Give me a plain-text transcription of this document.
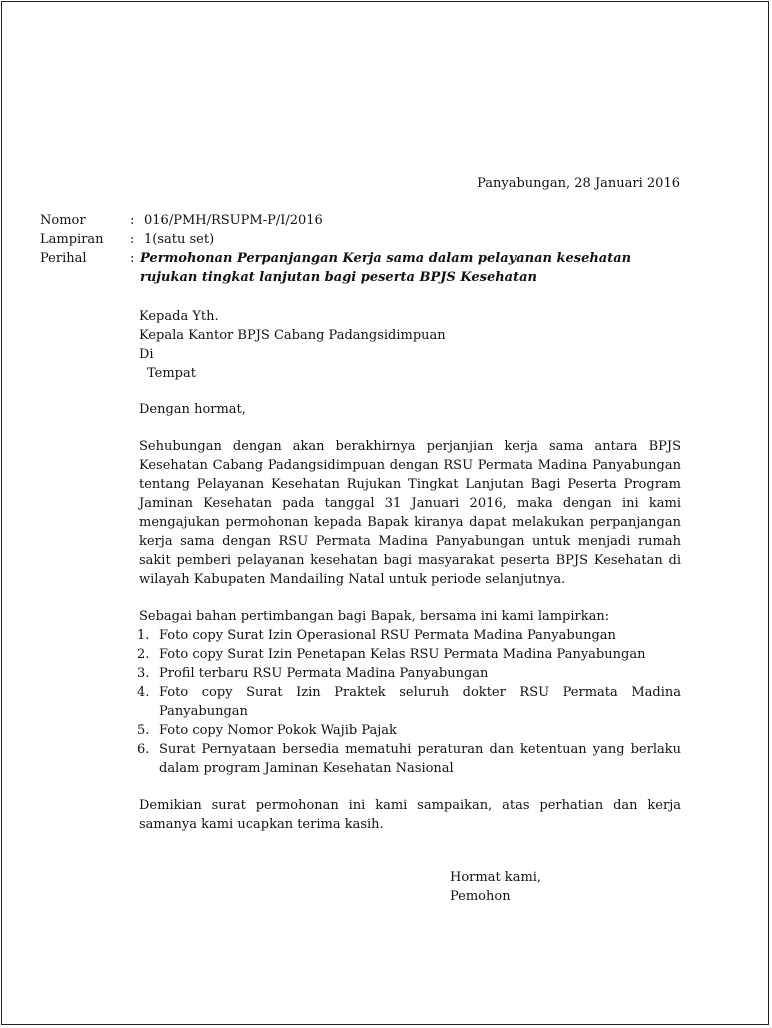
Panyabungan, 28 Januari 2016
Nomor	: 016/PMH/RSUPM-P/I/2016
Lampiran	: 1(satu set)
Perihal	: Permohonan Perpanjangan Kerja sama dalam pelayanan kesehatan
rujukan tingkat lanjutan bagi peserta BPJS Kesehatan
Kepada Yth.
Kepala Kantor BPJS Cabang Padangsidimpuan
Di
Tempat
Dengan hormat,
Sehubungan dengan akan berakhirnya perjanjian kerja sama antara BPJS Kesehatan Cabang Padangsidimpuan dengan RSU Permata Madina Panyabungan tentang Pelayanan Kesehatan Rujukan Tingkat Lanjutan Bagi Peserta Program Jaminan Kesehatan pada tanggal 31 Januari 2016, maka dengan ini kami mengajukan permohonan kepada Bapak kiranya dapat melakukan perpanjangan kerja sama dengan RSU Permata Madina Panyabungan untuk menjadi rumah sakit pemberi pelayanan kesehatan bagi masyarakat peserta BPJS Kesehatan di wilayah Kabupaten Mandailing Natal untuk periode selanjutnya.
Sebagai bahan pertimbangan bagi Bapak, bersama ini kami lampirkan:
1. Foto copy Surat Izin Operasional RSU Permata Madina Panyabungan
2. Foto copy Surat Izin Penetapan Kelas RSU Permata Madina Panyabungan
3. Profil terbaru RSU Permata Madina Panyabungan
4. Foto copy Surat Izin Praktek seluruh dokter RSU Permata Madina Panyabungan
5. Foto copy Nomor Pokok Wajib Pajak
6. Surat Pernyataan bersedia mematuhi peraturan dan ketentuan yang berlaku dalam program Jaminan Kesehatan Nasional
Demikian surat permohonan ini kami sampaikan, atas perhatian dan kerja samanya kami ucapkan terima kasih.
Hormat kami,
Pemohon
